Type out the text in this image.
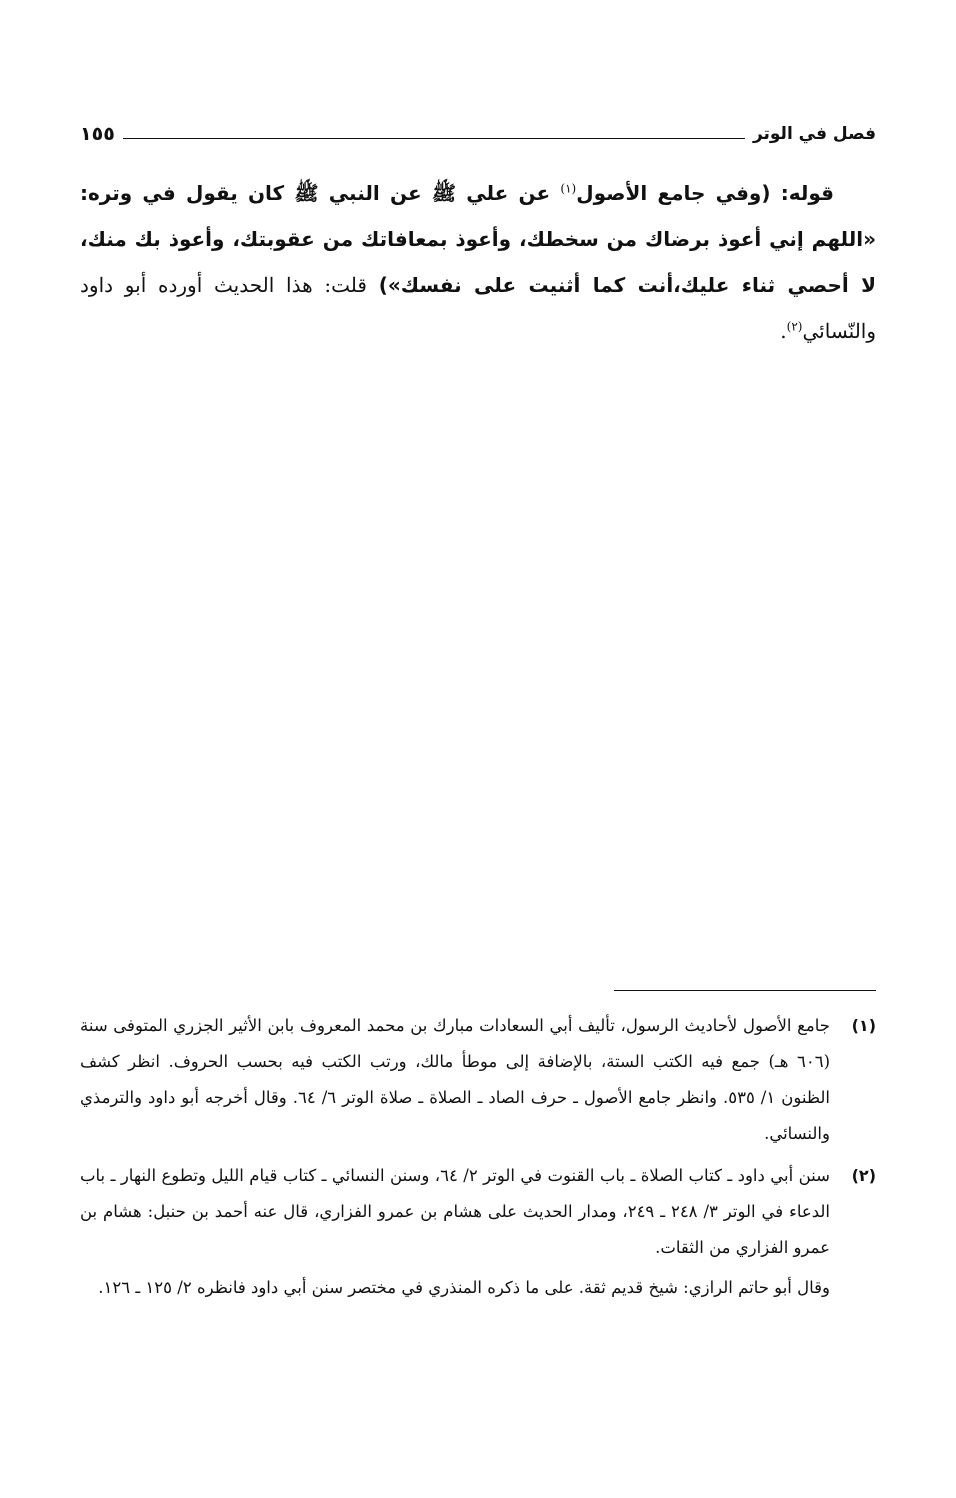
فصل في الوتر
١٥٥
قوله: (وفي جامع الأصول$^{(١)}$ عن علي ﷺ عن النبي ﷺ كان يقول في وتره: «اللهم إني أعوذ برضاك من سخطك، وأعوذ بمعافاتك من عقوبتك، وأعوذ بك منك، لا أحصي ثناء عليك،أنت كما أثنيت على نفسك») قلت: هذا الحديث أورده أبو داود والنّسائي$^{(٢)}$.
(١)

جامع الأصول لأحاديث الرسول، تأليف أبي السعادات مبارك بن محمد المعروف بابن الأثير الجزري المتوفى سنة (٦٠٦ هـ) جمع فيه الكتب الستة، بالإضافة إلى موطأ مالك، ورتب الكتب فيه بحسب الحروف. انظر كشف الظنون ١/ ٥٣٥. وانظر جامع الأصول ـ حرف الصاد ـ الصلاة ـ صلاة الوتر ٦/ ٦٤. وقال أخرجه أبو داود والترمذي والنسائي.

(٢)

سنن أبي داود ـ كتاب الصلاة ـ باب القنوت في الوتر ٢/ ٦٤، وسنن النسائي ـ كتاب قيام الليل وتطوع النهار ـ باب الدعاء في الوتر ٣/ ٢٤٨ ـ ٢٤٩، ومدار الحديث على هشام بن عمرو الفزاري، قال عنه أحمد بن حنبل: هشام بن عمرو الفزاري من الثقات.

وقال أبو حاتم الرازي: شيخ قديم ثقة. على ما ذكره المنذري في مختصر سنن أبي داود فانظره ٢/ ١٢٥ ـ ١٢٦.
